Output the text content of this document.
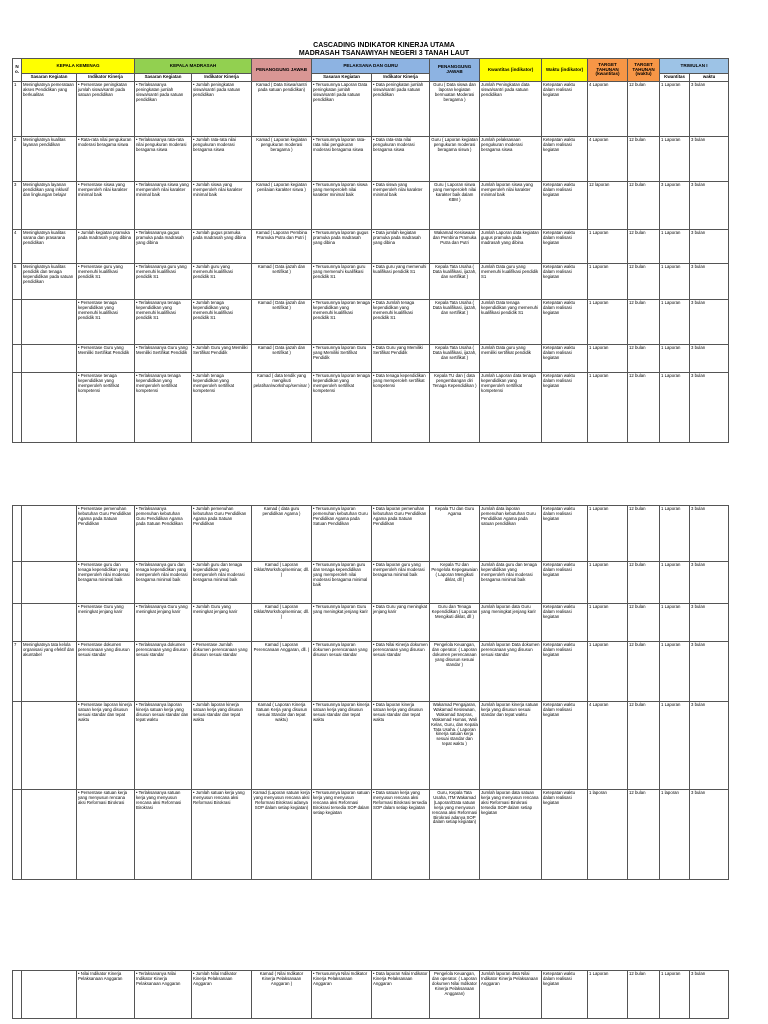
CASCADING INDIKATOR KINERJA UTAMA
MADRASAH TSANAWIYAH NEGERI 3 TANAH LAUT
No.	KEPALA KEMENAG		KEPALA MADRASAH		PENANGGUNG JAWAB	PELAKSANA DAN GURU		PENANGGUNG JAWAB	Kwantitas (indikator)	Waktu (indikator)	TARGET TAHUNAN (kwantitas)	TARGET TAHUNAN (waktu)	TRIWULAN I	
	Sasaran Kegiatan	Indikator Kinerja	Sasaran Kegiatan	Indikator Kinerja		Sasaran Kegiatan	Indikator Kinerja						Kwantitas	waktu
1	Meningkatnya pemerataan akses Pendidikan yang berkualitas	• Persentase peningkatan jumlah siswa/santri pada satuan pendidikan	• Terlaksananya peningkatan jumlah siswa/santri pada satuan pendidikan	• Jumlah peningkatan siswa/santri pada satuan pendidikan	Kamad ( Data Siswa/santri pada satuan pendidikan)	• Tersusunnya Laporan Data peningkatan jumlah siswa/santri pada satuan pendidikan	• Data peningkatan jumlah siswa/santri pada satuan pendidikan	Guru ( Data siswa dan laporan kegiatan bermuatan Moderasi beragama )	Jumlah Peningkatan data siswa/santri pada satuan pendidikan	Ketepatan waktu dalam realisasi kegiatan	4 Laporan	12 bulan	1 Laporan	3 bulan
2	Meningkatnya kualitas layanan pendidikan	• Rata-rata nilai pengukuran moderasi beragama siswa	• Terlaksananya rata-rata nilai pengukuran moderasi beragama siswa	• Jumlah rata-rata nilai pengukuran moderasi beragama siswa	Kamad ( Laporan kegiatan pengukuran moderasi beragama )	• Tersusunnya laporan rata-rata nilai pengukuran moderasi beragama siswa	• Data rata-rata nilai pengukuran moderasi beragama siswa	Guru ( Laporan kegiatan pengukuran moderasi beragama siswa )	Jumlah pelaksanaan pengukuran moderasi beragama siswa	Ketepatan waktu dalam realisasi kegiatan	4 Laporan	12 bulan	1 Laporan	3 bulan
3	Meningkatnya layanan pendidikan yang inklusif dan lingkungan belajar	• Persentase siswa yang memperoleh nilai karakter minimal baik	• Terlaksananya siswa yang memperoleh nilai karakter minimal baik	• Jumlah siswa yang memperoleh nilai karakter minimal baik	Kamad ( Laporan kegiatan penilaian karakter siswa )	• Tersusunnya laporan siswa yang memperoleh nilai karakter minimal baik	• Data siswa yang memperoleh nilai karakter minimal baik	Guru ( Laporan siswa yang memperoleh nilai karakter baik dalam KBM )	Jumlah laporan siswa yang memperoleh nilai karakter minimal baik	Ketepatan waktu dalam realisasi kegiatan	12 laporan	12 bulan	3 Laporan	3 bulan
4	Meningkatnya kualitas sarana dan prasarana pendidikan	• Jumlah kegiatan pramuka pada madrasah yang dibina	• Terlaksananya gugus pramuka pada madrasah yang dibina	• Jumlah gugus pramuka pada madrasah yang dibina	Kamad ( Laporan Pembina Pramuka Putra dan Putri )	• Tersusunnya laporan gugus pramuka pada madrasah yang dibina	• Data jumlah kegiatan pramuka pada madrasah yang dibina	Wakamad Kesiswaan dan Pembina Pramuka Putra dan Putri	Jumlah Laporan data kegiatan gugus pramuka pada madrasah yang dibina	Ketepatan waktu dalam realisasi kegiatan	1 Laporan	12 bulan	1 Laporan	3 bulan
5	Meningkatnya kualitas pendidik dan tenaga kependidikan pada satuan pendidikan	• Persentase guru yang memenuhi kualifikasi pendidik S1	• Terlaksananya guru yang memenuhi kualifikasi pendidik S1	• Jumlah guru yang memenuhi kualifikasi pendidik S1	Kamad ( Data ijazah dan sertifikat )	• Tersusunnya laporan guru yang memenuhi kualifikasi pendidik S1	• Data guru yang memenuhi kualifikasi pendidik S1	Kepala Tata Usaha ( Data kualifikasi, ijazah, dan sertifikat )	Jumlah Data guru yang memenuhi kualifikasi pendidik S1	Ketepatan waktu dalam realisasi kegiatan	1 Laporan	12 bulan	1 Laporan	3 bulan
		• Persentase tenaga kependidikan yang memenuhi kualifikasi pendidik S1	• Terlaksananya tenaga kependidikan yang memenuhi kualifikasi pendidik S1	• Jumlah tenaga kependidikan yang memenuhi kualifikasi pendidik S1	Kamad ( Data ijazah dan sertifikat )	• Tersusunnya laporan tenaga kependidikan yang memenuhi kualifikasi pendidik S1	• Data Jumlah tenaga kependidikan yang memenuhi kualifikasi pendidik S1	Kepala Tata Usaha ( Data kualifikasi, ijazah, dan sertifikat )	Jumlah Data tenaga kependidikan yang memenuhi kualifikasi pendidik S1	Ketepatan waktu dalam realisasi kegiatan	1 Laporan	12 bulan	1 Laporan	3 bulan
		• Persentase Guru yang Memiliki Sertifikat Pendidik	• Terlaksananya Guru yang Memiliki Sertifikat Pendidik	• Jumlah Guru yang Memiliki Sertifikat Pendidik	Kamad ( Data ijazah dan sertifikat )	• Tersusunnya laporan Guru yang Memiliki Sertifikat Pendidik	• Data Guru yang Memiliki Sertifikat Pendidik	Kepala Tata Usaha ( Data kualifikasi, ijazah, dan sertifikat )	Jumlah Data guru yang memiliki sertifikat pendidik	Ketepatan waktu dalam realisasi kegiatan	1 Laporan	12 bulan	1 Laporan	3 bulan
		• Persentase tenaga kependidikan yang memperoleh sertifikat kompetensi	• Terlaksananya tenaga kependidikan yang memperoleh sertifikat kompetensi	• Jumlah tenaga kependidikan yang memperoleh sertifikat kompetensi	Kamad ( data tendik yang mengikuti pelatihan/workshop/seminar )	• Tersusunnya laporan tenaga kependidikan yang memperoleh sertifikat kompetensi	• Data tenaga kependidikan yang memperoleh sertifikat kompetensi	Kepala TU dan ( data pengembangan diri Tenaga Kependidikan )	Jumlah Laporan data tenaga kependidikan yang memperoleh sertifikat kompetensi	Ketepatan waktu dalam realisasi kegiatan	1 Laporan	12 bulan	1 Laporan	3 bulan
		• Persentase pemenuhan kebutuhan Guru Pendidikan Agama pada Satuan Pendidikan	• Terlaksananya pemenuhan kebutuhan Guru Pendidikan Agama pada Satuan Pendidikan	• Jumlah pemenuhan kebutuhan Guru Pendidikan Agama pada Satuan Pendidikan	Kamad ( data guru pendidikan Agama )	• Tersusunnya laporan pemenuhan kebutuhan Guru Pendidikan Agama pada Satuan Pendidikan	• Data laporan pemenuhan kebutuhan Guru Pendidikan Agama pada Satuan Pendidikan	Kepala TU dan Guru Agama	Jumlah data laporan pemenuhan kebutuhan Guru Pendidikan Agama pada satuan pendidikan	Ketepatan waktu dalam realisasi kegiatan	1 Laporan	12 bulan	1 Laporan	3 bulan
		• Persentase guru dan tenaga kependidikan yang memperoleh nilai moderasi beragama minimal baik	• Terlaksananya guru dan tenaga kependidikan yang memperoleh nilai moderasi beragama minimal baik	• Jumlah guru dan tenaga kependidikan yang memperoleh nilai moderasi beragama minimal baik	Kamad ( Laporan Diklat/Workshop/seminar, dll. )	• Tersusunnya laporan guru dan tenaga kependidikan yang memperoleh nilai moderasi beragama minimal baik	• Data laporan guru yang memperoleh nilai moderasi beragama minimal baik	Kepala TU dan Pengelola Kepegawaian ( Laporan Mengikuti diklat, dll )	Jumlah data guru dan tenaga kependidikan yang memperoleh nilai moderasi beragama minimal baik	Ketepatan waktu dalam realisasi kegiatan	1 Laporan	12 bulan	1 Laporan	3 bulan
		• Persentase Guru yang meningkat jenjang karir	• Terlaksananya Guru yang meningkat jenjang karir	• Jumlah Guru yang meningkat jenjang karir	Kamad ( Laporan Diklat/Workshop/seminar, dll. )	• Tersusunnya laporan Guru yang meningkat jenjang karir	• Data Guru yang meningkat jenjang karir	Guru dan Tenaga Kependidikan ( Laporan Mengikuti diklat, dll )	Jumlah laporan data Guru yang meningkat jenjang karir	Ketepatan waktu dalam realisasi kegiatan	1 Laporan	12 bulan	1 Laporan	3 bulan
7	Meningkatnya tata kelola organisasi yang efektif dan akuntabel	• Persentase dokumen perencanaan yang disusun sesuai standar	• Terlaksananya dokumen perencanaan yang disusun sesuai standar	• Persentase Jumlah dokumen perencanaan yang disusun sesuai standar	Kamad ( Laporan Perencanaan Anggaran, dll. )	• Tersusunnya laporan dokumen perencanaan yang disusun sesuai standar	• Data Nilai Kinerja dokumen perencanaan yang disusun sesuai standar	Pengelola Keuangan, dan operator. ( Laporan dokumen perencanaan yang disusun sesuai standar )	Jumlah laporan Data dokumen perencanaan yang disusun sesuai standar	Ketepatan waktu dalam realisasi kegiatan	1 Laporan	12 bulan	1 Laporan	3 bulan
		• Persentase laporan kinerja satuan kerja yang disusun sesuai standar dan tepat waktu	• Terlaksananya laporan kinerja satuan kerja yang disusun sesuai standar dan tepat waktu	• Jumlah laporan kinerja satuan kerja yang disusun sesuai standar dan tepat waktu	Kamad ( Laporan Kinerja Satuan Kerja yang disusun sesuai Standar dan tepat waktu)	• Tersusunnya laporan kinerja satuan kerja yang disusun sesuai standar dan tepat waktu	• Data laporan kinerja satuan kerja yang disusun sesuai standar dan tepat waktu	Wakamad Pengajaran, Wakamad Kesiswaan, Wakamad Sarpras, Wakamad Humas, Wali Kelas, Guru, dan Kepala Tata Usaha. ( Laporan kinerja satuan kerja sesuai standar dan tepat waktu )	Jumlah laporan kinerja satuan kerja yang disusun sesuai standar dan tepat waktu	Ketepatan waktu dalam realisasi kegiatan	4 Laporan	12 bulan	1 Laporan	3 bulan
		• Persentase satuan kerja yang menyusun rencana aksi Reformasi Birokrasi	• Terlaksananya satuan kerja yang menyusun rencana aksi Reformasi Birokrasi	• Jumlah satuan kerja yang menyusun rencana aksi Reformasi Birokrasi	Kamad (Laporan satuan kerja yang menyusun rencana aksi Reformasi Birokrasi adanya SOP dalam setiap kegiatan)	• Tersusunnya laporan satuan kerja yang menyusun rencana aksi Reformasi Birokrasi tersedia SOP dalam setiap kegiatan	• Data satuan kerja yang menyusun rencana aksi Reformasi Birokrasi tersedia SOP dalam setiap kegiatan	Guru, Kepala Tata Usaha, ITM Wakamad (Laporan/Data satuan kerja yang menyusun rencana aksi Reformasi Birokrasi adanya SOP dalam setiap kegiatan)	Jumlah laporan data satuan kerja yang menyusun rencana aksi Reformasi Birokrasi tersedia SOP dalam setiap kegiatan	Ketepatan waktu dalam realisasi kegiatan	1 laporan	12 bulan	1 laporan	3 bulan
		• Nilai Indikator Kinerja Pelaksanaan Anggaran	• Terlaksananya Nilai Indikator Kinerja Pelaksanaan Anggaran	• Jumlah Nilai Indikator Kinerja Pelaksanaan Anggaran	Kamad ( Nilai Indikator Kinerja Pelaksanaan Anggaran )	• Tersusunnya Nilai Indikator Kinerja Pelaksanaan Anggaran	• Data laporan Nilai Indikator Kinerja Pelaksanaan Anggaran	Pengelola Keuangan, dan operator. ( Laporan dokumen Nilai Indikator Kinerja Pelaksanaan Anggaran)	Jumlah laporan data Nilai Indikator Kinerja Pelaksanaan Anggaran	Ketepatan waktu dalam realisasi kegiatan	1 Laporan	12 bulan	1 Laporan	3 bulan
